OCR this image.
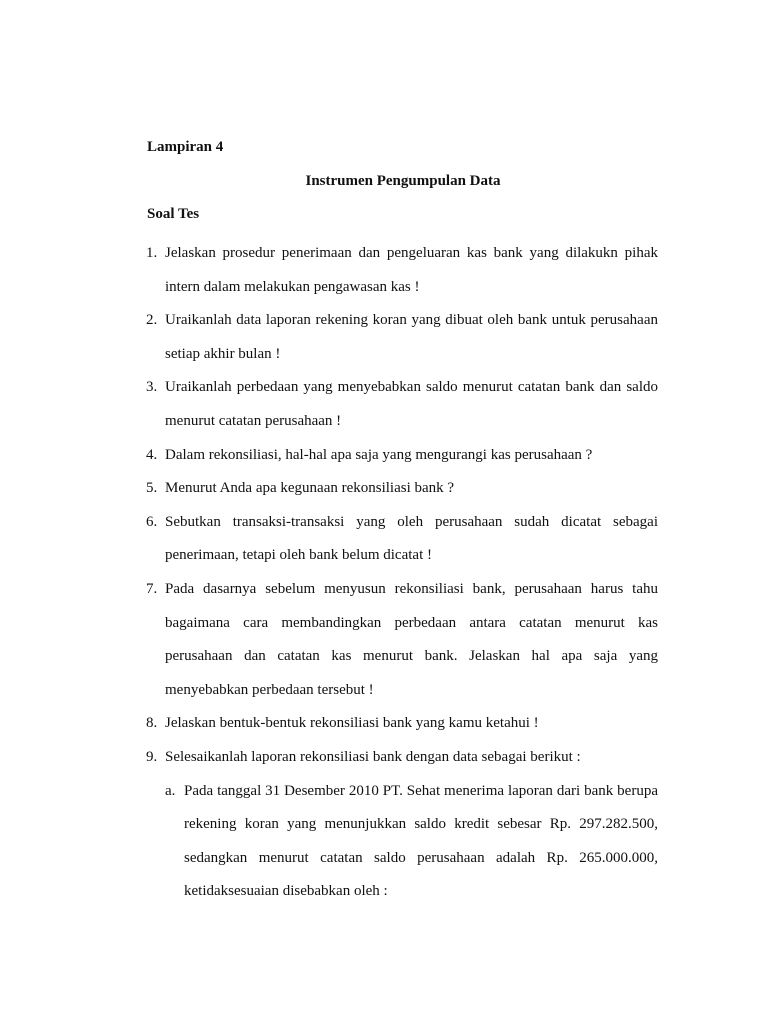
Lampiran 4
Instrumen Pengumpulan Data
Soal Tes
1. Jelaskan prosedur penerimaan dan pengeluaran kas bank yang dilakukn pihak intern dalam melakukan pengawasan kas !
2. Uraikanlah data laporan rekening koran yang dibuat oleh bank untuk perusahaan setiap akhir bulan !
3. Uraikanlah perbedaan yang menyebabkan saldo menurut catatan bank dan saldo menurut catatan perusahaan !
4. Dalam rekonsiliasi, hal-hal apa saja yang mengurangi kas perusahaan ?
5. Menurut Anda apa kegunaan rekonsiliasi bank ?
6. Sebutkan transaksi-transaksi yang oleh perusahaan sudah dicatat sebagai penerimaan, tetapi oleh bank belum dicatat !
7. Pada dasarnya sebelum menyusun rekonsiliasi bank, perusahaan harus tahu bagaimana cara membandingkan perbedaan antara catatan menurut kas perusahaan dan catatan kas menurut bank. Jelaskan hal apa saja yang menyebabkan perbedaan tersebut !
8. Jelaskan bentuk-bentuk rekonsiliasi bank yang kamu ketahui !
9. Selesaikanlah laporan rekonsiliasi bank dengan data sebagai berikut :
a. Pada tanggal 31 Desember 2010 PT. Sehat menerima laporan dari bank berupa rekening koran yang menunjukkan saldo kredit sebesar Rp. 297.282.500, sedangkan menurut catatan saldo perusahaan adalah Rp. 265.000.000, ketidaksesuaian disebabkan oleh :
